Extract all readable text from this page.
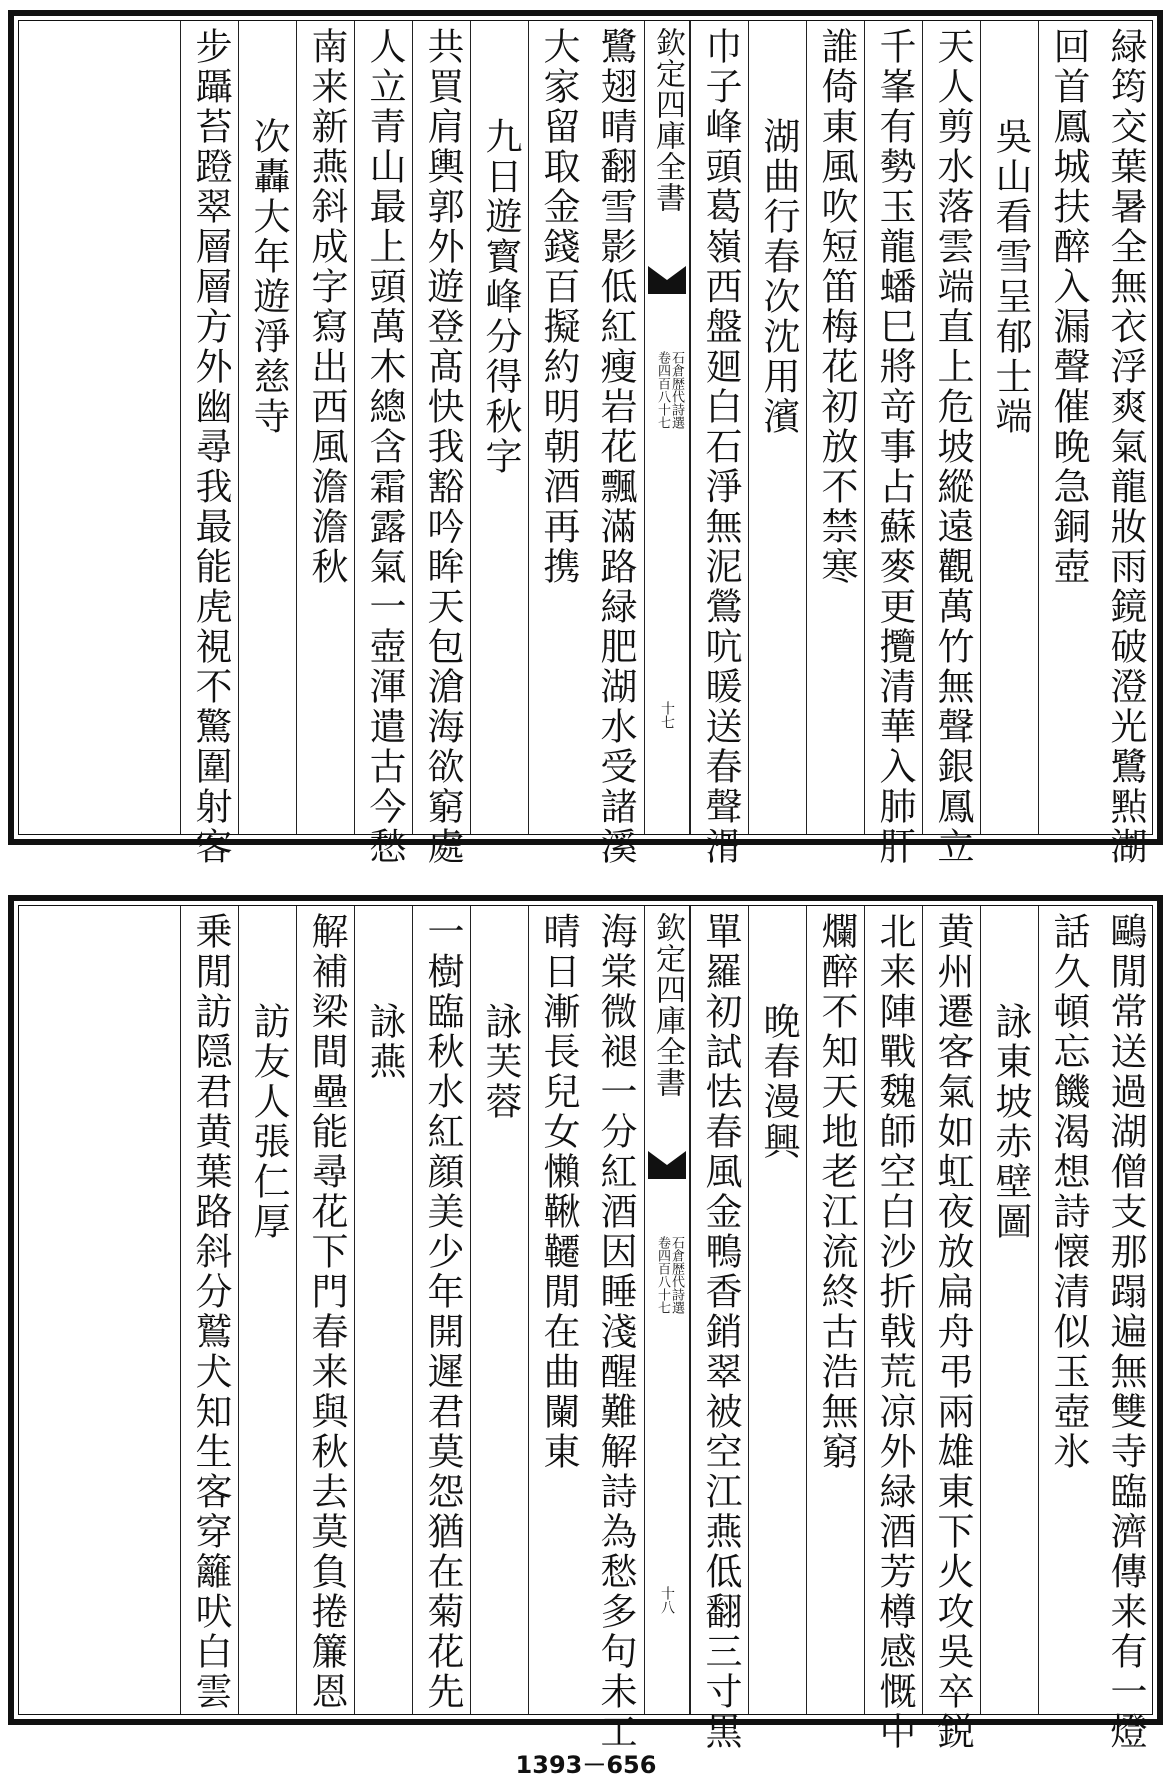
緑筠交葉暑全無衣浮爽氣龍妝雨鏡破澄光鷺㸃湖
回首鳳城扶醉入漏聲催晚急銅壺
吳山看雪呈郁士端
天人剪水落雲端直上危坡縱遠觀萬竹無聲銀鳳立
千峯有勢玉龍蟠巳將竒事占蘇麥更攬清華入肺肝
誰倚東風吹短笛梅花初放不禁寒
湖曲行春次沈用濱
巾子峰頭葛嶺西盤廻白石淨無泥鶯吭暖送春聲滑
欽定四庫全書
石倉歴代詩選
卷四百八十七
十七
鷺翅晴翻雪影低紅瘦岩花飄滿路緑肥湖水受諸溪
大家留取金錢百擬約明朝酒再携
九日遊寳峰分得秋字
共買肩輿郭外遊登髙快我豁吟眸天包滄海欲窮處
人立青山最上頭萬木總含霜露氣一壺渾遣古今愁
南来新燕斜成字寫出西風澹澹秋
次轟大年遊淨慈寺
步躡苔蹬翠層層方外幽尋我最能虎視不驚圍射客
鷗閒常送過湖僧支那蹋遍無雙寺臨濟傳来有一燈
話久頓忘饑渴想詩懐清似玉壺氷
詠東坡赤壁圖
黄州遷客氣如虹夜放扁舟弔兩雄東下火攻吳卒鋭
北来陣戰魏師空白沙折戟荒凉外緑酒芳樽感慨中
爛醉不知天地老江流終古浩無窮
晚春漫興
單羅初試怯春風金鴨香銷翠被空江燕低翻三寸黒
欽定四庫全書
石倉歴代詩選
卷四百八十七
十八
海棠微褪一分紅酒因睡淺醒難解詩為愁多句未工
晴日漸長兒女懶鞦韆閒在曲闌東
詠芙蓉
一樹臨秋水紅顔美少年開遲君莫怨猶在菊花先
詠燕
解補梁間壘能尋花下門春来與秋去莫負捲簾恩
訪友人張仁厚
乗閒訪隠君黄葉路斜分鷲犬知生客穿籬吠白雲
1393－656
